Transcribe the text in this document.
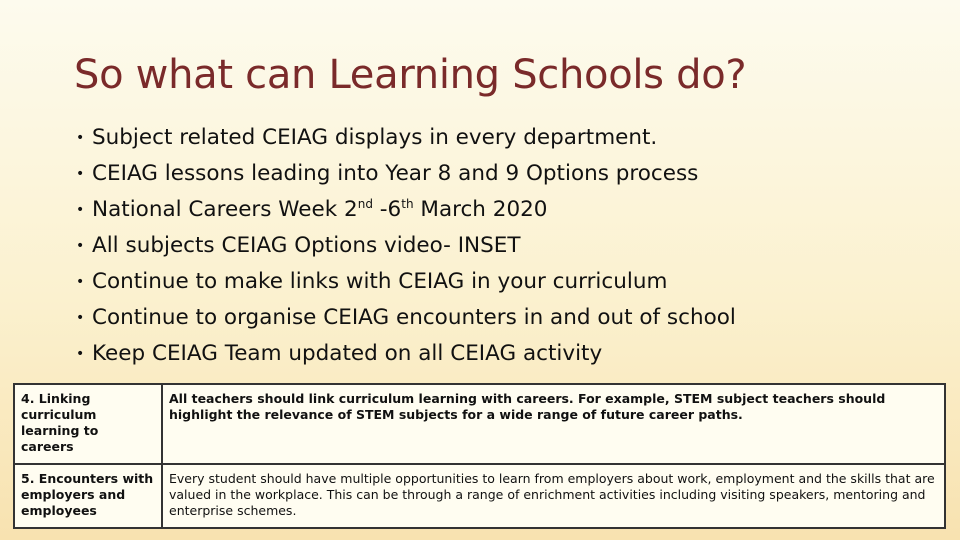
So what can Learning Schools do?
• Subject related CEIAG displays in every department.
• CEIAG lessons leading into Year 8 and 9 Options process
• National Careers Week 2nd -6th March 2020
• All subjects CEIAG Options video- INSET
• Continue to make links with CEIAG in your curriculum
• Continue to organise CEIAG encounters in and out of school
• Keep CEIAG Team updated on all CEIAG activity
4. Linking curriculum learning to careers	All teachers should link curriculum learning with careers. For example, STEM subject teachers should highlight the relevance of STEM subjects for a wide range of future career paths.
5. Encounters with employers and employees	Every student should have multiple opportunities to learn from employers about work, employment and the skills that are valued in the workplace. This can be through a range of enrichment activities including visiting speakers, mentoring and enterprise schemes.
